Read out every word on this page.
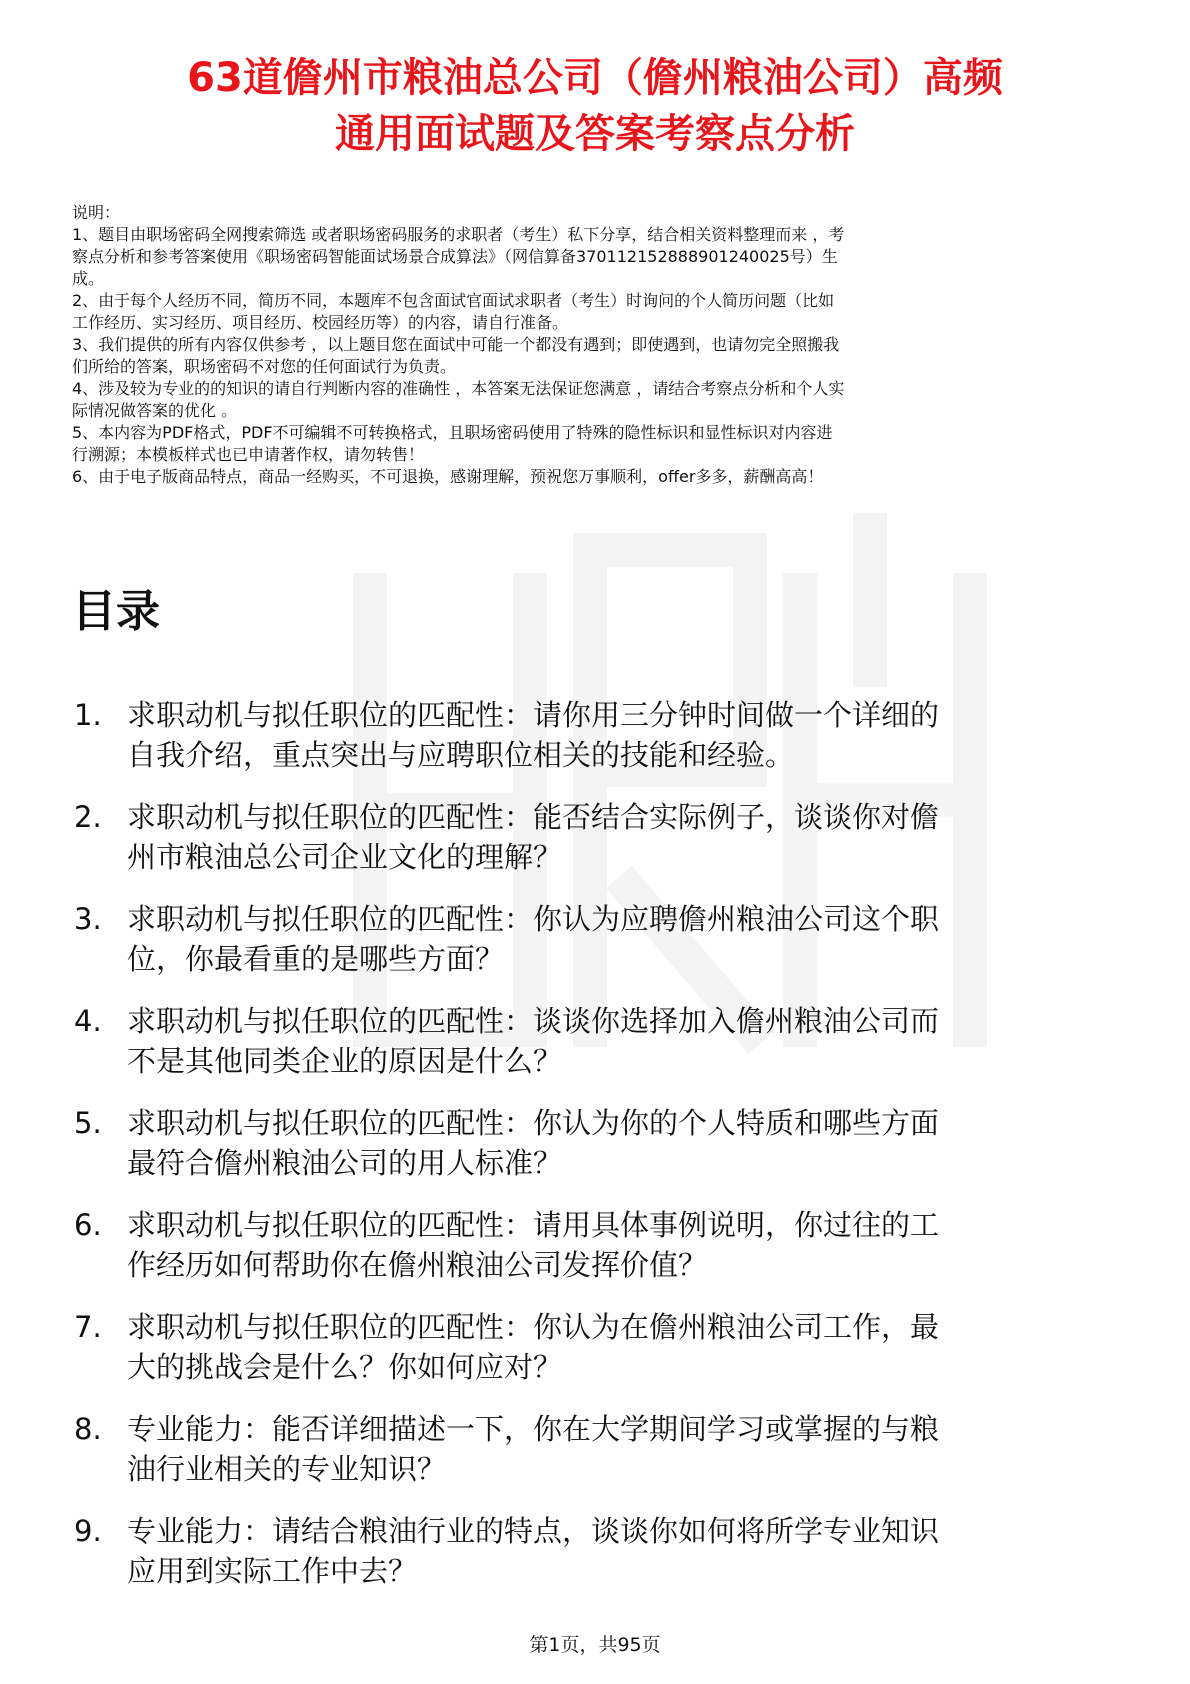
63道儋州市粮油总公司（儋州粮油公司）高频
通用面试题及答案考察点分析

说明：

1、题目由职场密码全网搜索筛选 或者职场密码服务的求职者（考生）私下分享，结合相关资料整理而来 ，考

察点分析和参考答案使用《职场密码智能面试场景合成算法》（网信算备370112152888901240025号）生

成。

2、由于每个人经历不同，简历不同，本题库不包含面试官面试求职者（考生）时询问的个人简历问题（比如

工作经历、实习经历、项目经历、校园经历等）的内容，请自行准备。

3、我们提供的所有内容仅供参考 ，以上题目您在面试中可能一个都没有遇到；即使遇到，也请勿完全照搬我

们所给的答案，职场密码不对您的任何面试行为负责。

4、涉及较为专业的的知识的请自行判断内容的准确性 ，本答案无法保证您满意 ，请结合考察点分析和个人实

际情况做答案的优化 。

5、本内容为PDF格式，PDF不可编辑不可转换格式，且职场密码使用了特殊的隐性标识和显性标识对内容进

行溯源；本模板样式也已申请著作权，请勿转售！

6、由于电子版商品特点，商品一经购买，不可退换，感谢理解，预祝您万事顺利，offer多多，薪酬高高！

目录
1. 求职动机与拟任职位的匹配性：请你用三分钟时间做一个详细的
自我介绍，重点突出与应聘职位相关的技能和经验。
2. 求职动机与拟任职位的匹配性：能否结合实际例子，谈谈你对儋
州市粮油总公司企业文化的理解？
3. 求职动机与拟任职位的匹配性：你认为应聘儋州粮油公司这个职
位，你最看重的是哪些方面？
4. 求职动机与拟任职位的匹配性：谈谈你选择加入儋州粮油公司而
不是其他同类企业的原因是什么？
5. 求职动机与拟任职位的匹配性：你认为你的个人特质和哪些方面
最符合儋州粮油公司的用人标准？
6. 求职动机与拟任职位的匹配性：请用具体事例说明，你过往的工
作经历如何帮助你在儋州粮油公司发挥价值？
7. 求职动机与拟任职位的匹配性：你认为在儋州粮油公司工作，最
大的挑战会是什么？你如何应对？
8. 专业能力：能否详细描述一下，你在大学期间学习或掌握的与粮
油行业相关的专业知识？
9. 专业能力：请结合粮油行业的特点，谈谈你如何将所学专业知识
应用到实际工作中去？
第1页，共95页
